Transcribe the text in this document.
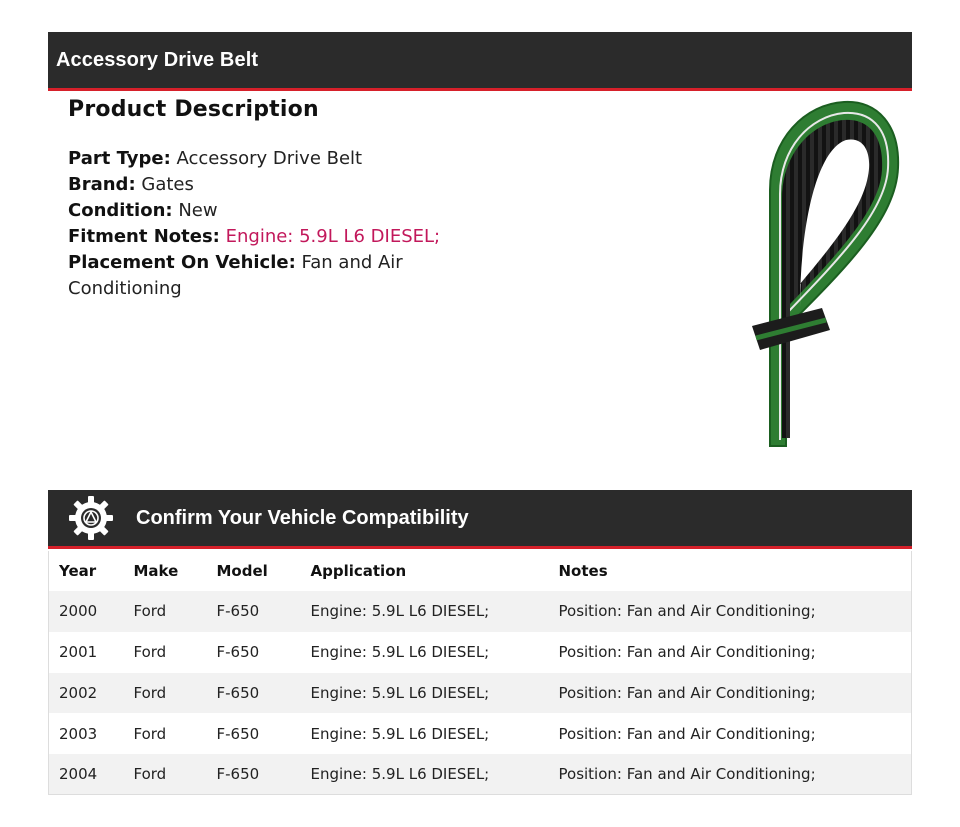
Accessory Drive Belt
Product Description
Part Type: Accessory Drive Belt
Brand: Gates
Condition: New
Fitment Notes: Engine: 5.9L L6 DIESEL;
Placement On Vehicle: Fan and Air Conditioning
Confirm Your Vehicle Compatibility
Year	Make	Model	Application	Notes
2000	Ford	F-650	Engine: 5.9L L6 DIESEL;	Position: Fan and Air Conditioning;
2001	Ford	F-650	Engine: 5.9L L6 DIESEL;	Position: Fan and Air Conditioning;
2002	Ford	F-650	Engine: 5.9L L6 DIESEL;	Position: Fan and Air Conditioning;
2003	Ford	F-650	Engine: 5.9L L6 DIESEL;	Position: Fan and Air Conditioning;
2004	Ford	F-650	Engine: 5.9L L6 DIESEL;	Position: Fan and Air Conditioning;
